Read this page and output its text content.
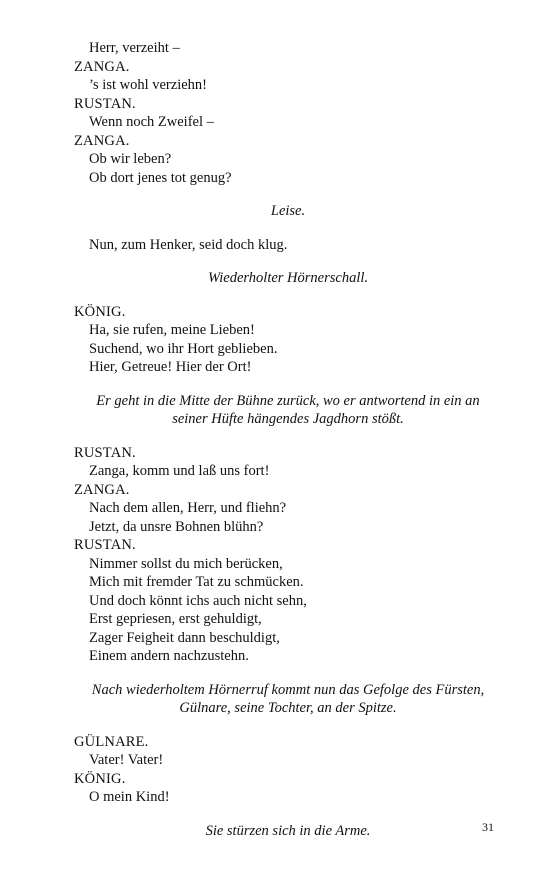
Herr, verzeiht –
ZANGA.
’s ist wohl verziehn!
RUSTAN.
Wenn noch Zweifel –
ZANGA.
Ob wir leben?
Ob dort jenes tot genug?
Leise.
Nun, zum Henker, seid doch klug.
Wiederholter Hörnerschall.
KÖNIG.
Ha, sie rufen, meine Lieben!
Suchend, wo ihr Hort geblieben.
Hier, Getreue! Hier der Ort!
Er geht in die Mitte der Bühne zurück, wo er antwortend in ein an
seiner Hüfte hängendes Jagdhorn stößt.
RUSTAN.
Zanga, komm und laß uns fort!
ZANGA.
Nach dem allen, Herr, und fliehn?
Jetzt, da unsre Bohnen blühn?
RUSTAN.
Nimmer sollst du mich berücken,
Mich mit fremder Tat zu schmücken.
Und doch könnt ichs auch nicht sehn,
Erst gepriesen, erst gehuldigt,
Zager Feigheit dann beschuldigt,
Einem andern nachzustehn.
Nach wiederholtem Hörnerruf kommt nun das Gefolge des Fürsten,
Gülnare, seine Tochter, an der Spitze.
GÜLNARE.
Vater! Vater!
KÖNIG.
O mein Kind!
Sie stürzen sich in die Arme.	31
